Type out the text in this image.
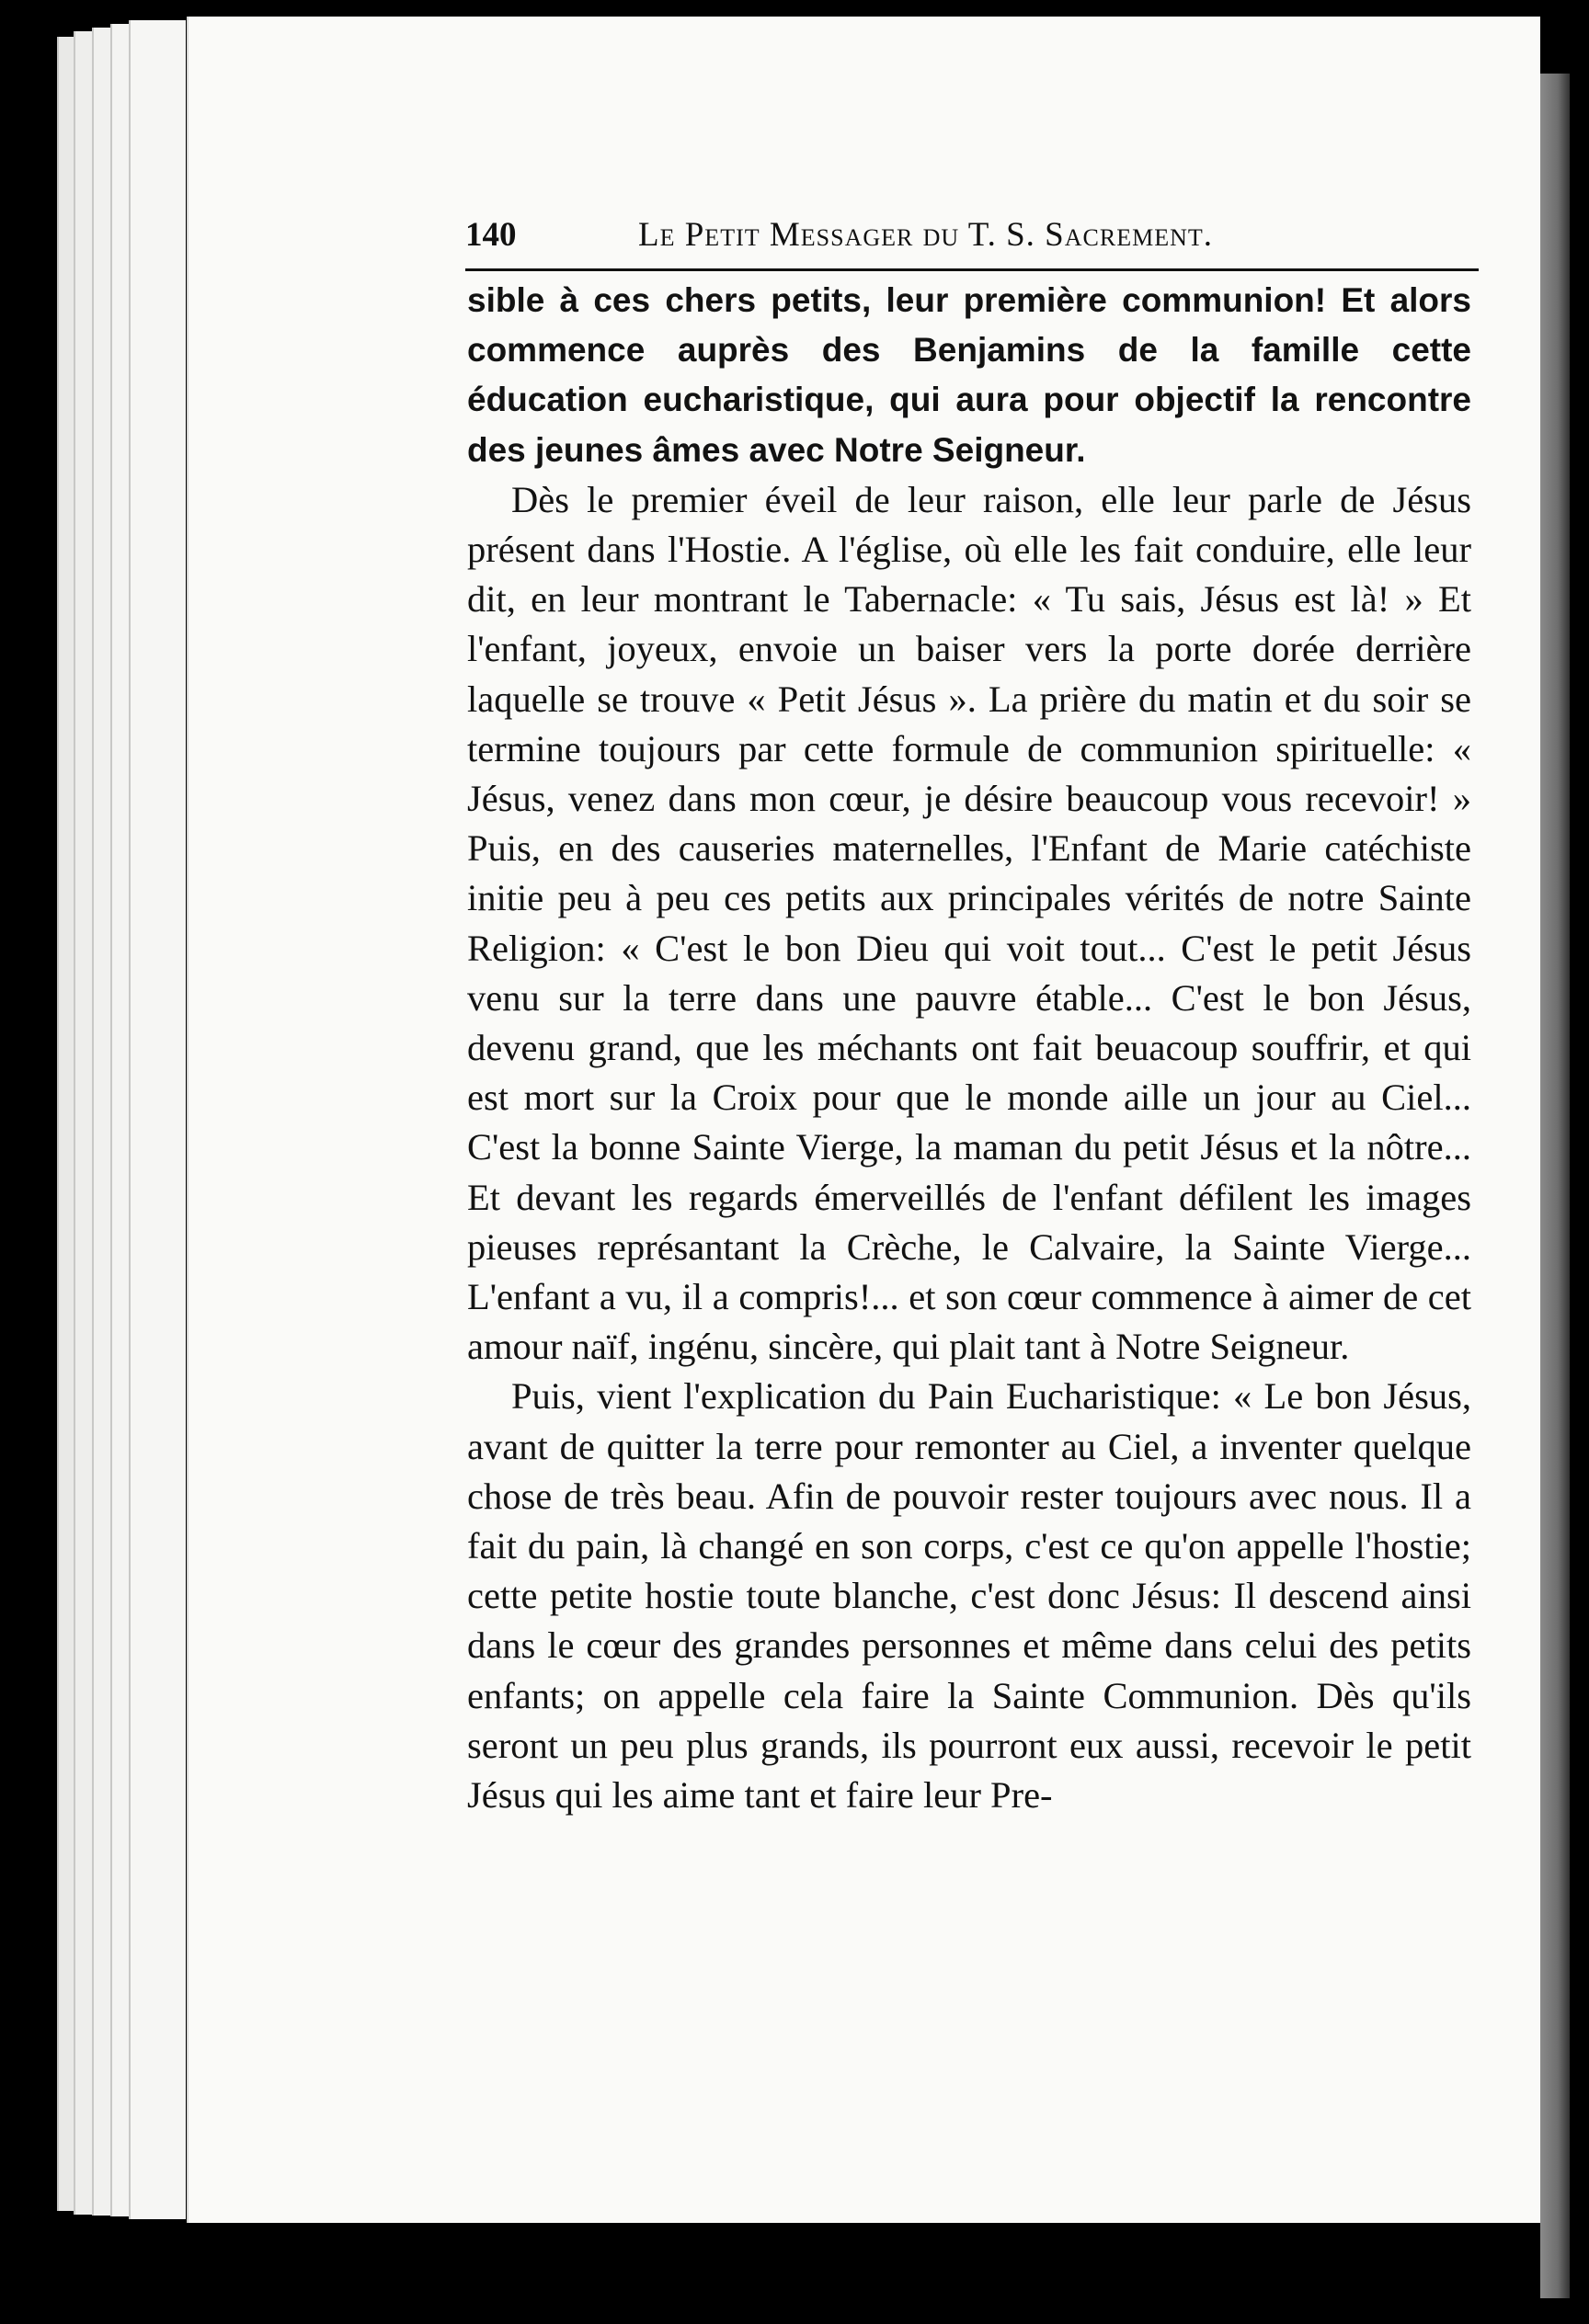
140	Le Petit Messager du T. S. Sacrement.

sible à ces chers petits, leur première communion! Et alors commence auprès des Benjamins de la famille cette éducation eucharistique, qui aura pour objectif la rencontre des jeunes âmes avec Notre Seigneur.

Dès le premier éveil de leur raison, elle leur parle de Jésus présent dans l'Hostie. A l'église, où elle les fait conduire, elle leur dit, en leur montrant le Tabernacle: « Tu sais, Jésus est là! » Et l'enfant, joyeux, envoie un baiser vers la porte dorée derrière laquelle se trouve « Petit Jésus ». La prière du matin et du soir se termine toujours par cette formule de communion spirituelle: « Jésus, venez dans mon cœur, je désire beaucoup vous recevoir! » Puis, en des causeries maternelles, l'Enfant de Marie catéchiste initie peu à peu ces petits aux principales vérités de notre Sainte Religion: « C'est le bon Dieu qui voit tout... C'est le petit Jésus venu sur la terre dans une pauvre étable... C'est le bon Jésus, devenu grand, que les méchants ont fait beuacoup souffrir, et qui est mort sur la Croix pour que le monde aille un jour au Ciel... C'est la bonne Sainte Vierge, la maman du petit Jésus et la nôtre... Et devant les regards émerveillés de l'enfant défilent les images pieuses représantant la Crèche, le Calvaire, la Sainte Vierge... L'enfant a vu, il a compris!... et son cœur commence à aimer de cet amour naïf, ingénu, sincère, qui plait tant à Notre Seigneur.

Puis, vient l'explication du Pain Eucharistique: « Le bon Jésus, avant de quitter la terre pour remonter au Ciel, a inventer quelque chose de très beau. Afin de pouvoir rester toujours avec nous. Il a fait du pain, là changé en son corps, c'est ce qu'on appelle l'hostie; cette petite hostie toute blanche, c'est donc Jésus: Il descend ainsi dans le cœur des grandes personnes et même dans celui des petits enfants; on appelle cela faire la Sainte Communion. Dès qu'ils seront un peu plus grands, ils pourront eux aussi, recevoir le petit Jésus qui les aime tant et faire leur Pre-
